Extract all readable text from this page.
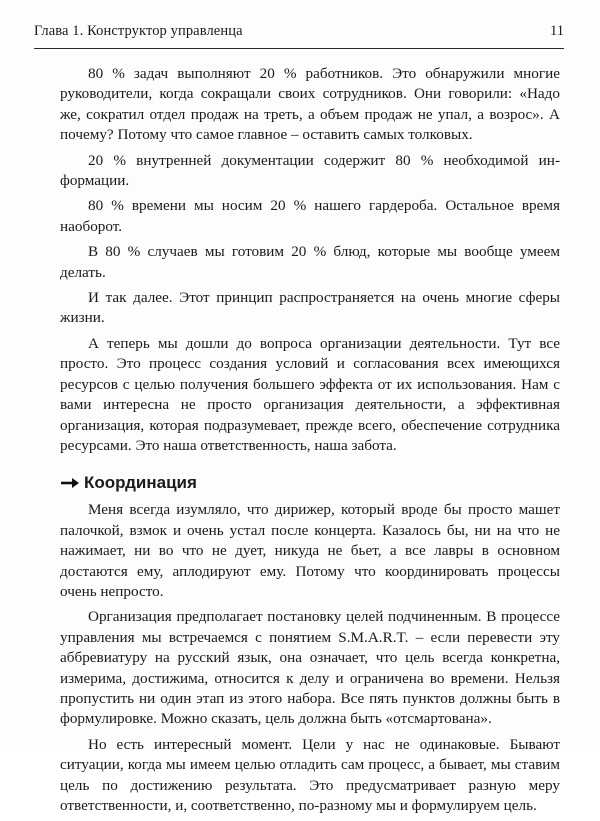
Глава 1. Конструктор управленца	11

80 % задач выполняют 20 % работников. Это обнаружили многие руководители, когда сокращали своих сотрудников. Они говорили: «Надо же, сократил отдел продаж на треть, а объем продаж не упал, а возрос». А почему? Потому что самое главное – оставить самых толковых.

20 % внутренней документации содержит 80 % необходимой информации.

80 % времени мы носим 20 % нашего гардероба. Остальное время наоборот.

В 80 % случаев мы готовим 20 % блюд, которые мы вообще умеем делать.

И так далее. Этот принцип распространяется на очень многие сферы жизни.

А теперь мы дошли до вопроса организации деятельности. Тут все просто. Это процесс создания условий и согласования всех имеющихся ресурсов с целью получения большего эффекта от их использования. Нам с вами интересна не просто организация деятельности, а эффективная организация, которая подразумевает, прежде всего, обеспечение сотрудника ресурсами. Это наша ответственность, наша забота.

Координация

Меня всегда изумляло, что дирижер, который вроде бы просто машет палочкой, взмок и очень устал после концерта. Казалось бы, ни на что не нажимает, ни во что не дует, никуда не бьет, а все лавры в основном достаются ему, аплодируют ему. Потому что координировать процессы очень непросто.

Организация предполагает постановку целей подчиненным. В процессе управления мы встречаемся с понятием S.M.A.R.T. – если перевести эту аббревиатуру на русский язык, она означает, что цель всегда конкретна, измерима, достижима, относится к делу и ограничена во времени. Нельзя пропустить ни один этап из этого набора. Все пять пунктов должны быть в формулировке. Можно сказать, цель должна быть «отсмартована».

Но есть интересный момент. Цели у нас не одинаковые. Бывают ситуации, когда мы имеем целью отладить сам процесс, а бывает, мы ставим цель по достижению результата. Это предусматривает разную меру ответственности, и, соответственно, по-разному мы и формулируем цель.
